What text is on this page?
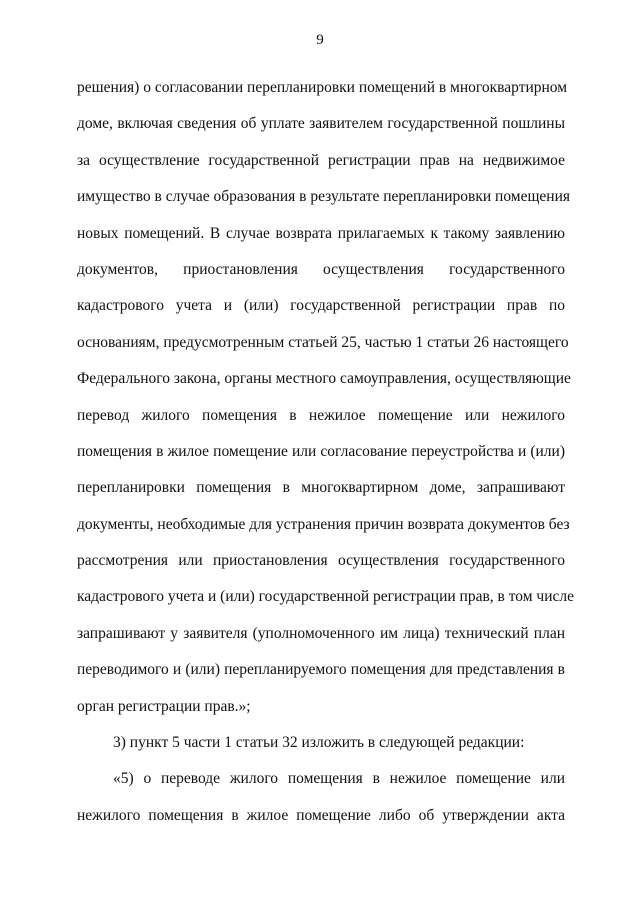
9
решения) о согласовании перепланировки помещений в многоквартирном
доме, включая сведения об уплате заявителем государственной пошлины
за осуществление государственной регистрации прав на недвижимое
имущество в случае образования в результате перепланировки помещения
новых помещений. В случае возврата прилагаемых к такому заявлению
документов, приостановления осуществления государственного
кадастрового учета и (или) государственной регистрации прав по
основаниям, предусмотренным статьей 25, частью 1 статьи 26 настоящего
Федерального закона, органы местного самоуправления, осуществляющие
перевод жилого помещения в нежилое помещение или нежилого
помещения в жилое помещение или согласование переустройства и (или)
перепланировки помещения в многоквартирном доме, запрашивают
документы, необходимые для устранения причин возврата документов без
рассмотрения или приостановления осуществления государственного
кадастрового учета и (или) государственной регистрации прав, в том числе
запрашивают у заявителя (уполномоченного им лица) технический план
переводимого и (или) перепланируемого помещения для представления в
орган регистрации прав.»;
3) пункт 5 части 1 статьи 32 изложить в следующей редакции:
«5) о переводе жилого помещения в нежилое помещение или
нежилого помещения в жилое помещение либо об утверждении акта
